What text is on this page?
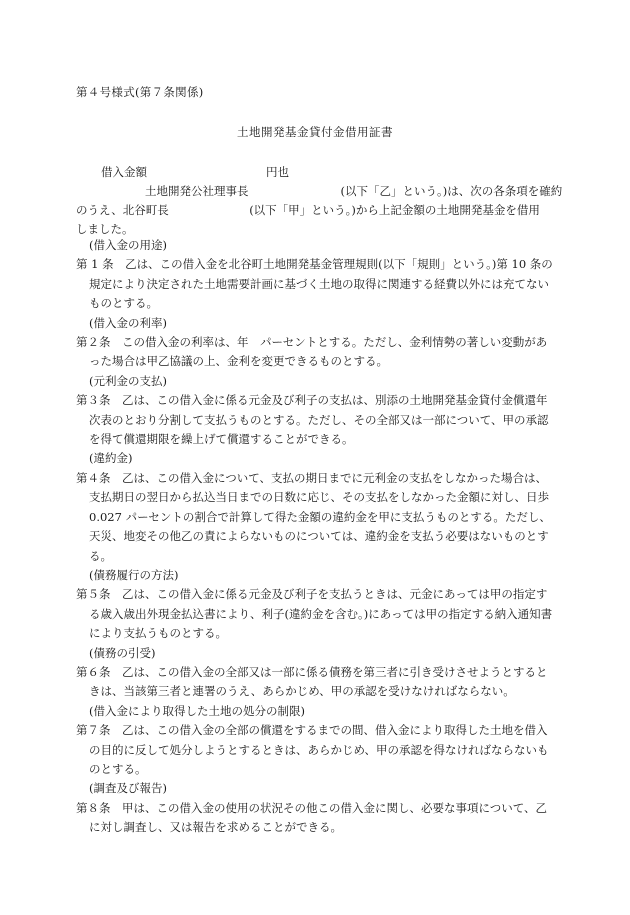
第４号様式(第７条関係)
土地開発基金貸付金借用証書
借入金額	円也

　　　　　　土地開発公社理事長　　　　　　　　(以下「乙」という。)は、次の各条項を確約

のうえ、北谷町長　　　　　　　(以下「甲」という。)から上記金額の土地開発基金を借用

しました。

(借入金の用途)

第 1 条　乙は、この借入金を北谷町土地開発基金管理規則(以下「規則」という。)第 10 条の規定により決定された土地需要計画に基づく土地の取得に関連する経費以外には充てないものとする。

(借入金の利率)

第２条　この借入金の利率は、年　パーセントとする。ただし、金利情勢の著しい変動があった場合は甲乙協議の上、金利を変更できるものとする。

(元利金の支払)

第３条　乙は、この借入金に係る元金及び利子の支払は、別添の土地開発基金貸付金償還年次表のとおり分割して支払うものとする。ただし、その全部又は一部について、甲の承認を得て償還期限を繰上げて償還することができる。

(違約金)

第４条　乙は、この借入金について、支払の期日までに元利金の支払をしなかった場合は、支払期日の翌日から払込当日までの日数に応じ、その支払をしなかった金額に対し、日歩 0.027 パーセントの割合で計算して得た金額の違約金を甲に支払うものとする。ただし、天災、地変その他乙の責によらないものについては、違約金を支払う必要はないものとする。

(債務履行の方法)

第５条　乙は、この借入金に係る元金及び利子を支払うときは、元金にあっては甲の指定する歳入歳出外現金払込書により、利子(違約金を含む。)にあっては甲の指定する納入通知書により支払うものとする。

(債務の引受)

第６条　乙は、この借入金の全部又は一部に係る債務を第三者に引き受けさせようとするときは、当該第三者と連署のうえ、あらかじめ、甲の承認を受けなければならない。

(借入金により取得した土地の処分の制限)

第７条　乙は、この借入金の全部の償還をするまでの間、借入金により取得した土地を借入の目的に反して処分しようとするときは、あらかじめ、甲の承認を得なければならないものとする。

(調査及び報告)

第８条　甲は、この借入金の使用の状況その他この借入金に関し、必要な事項について、乙に対し調査し、又は報告を求めることができる。
